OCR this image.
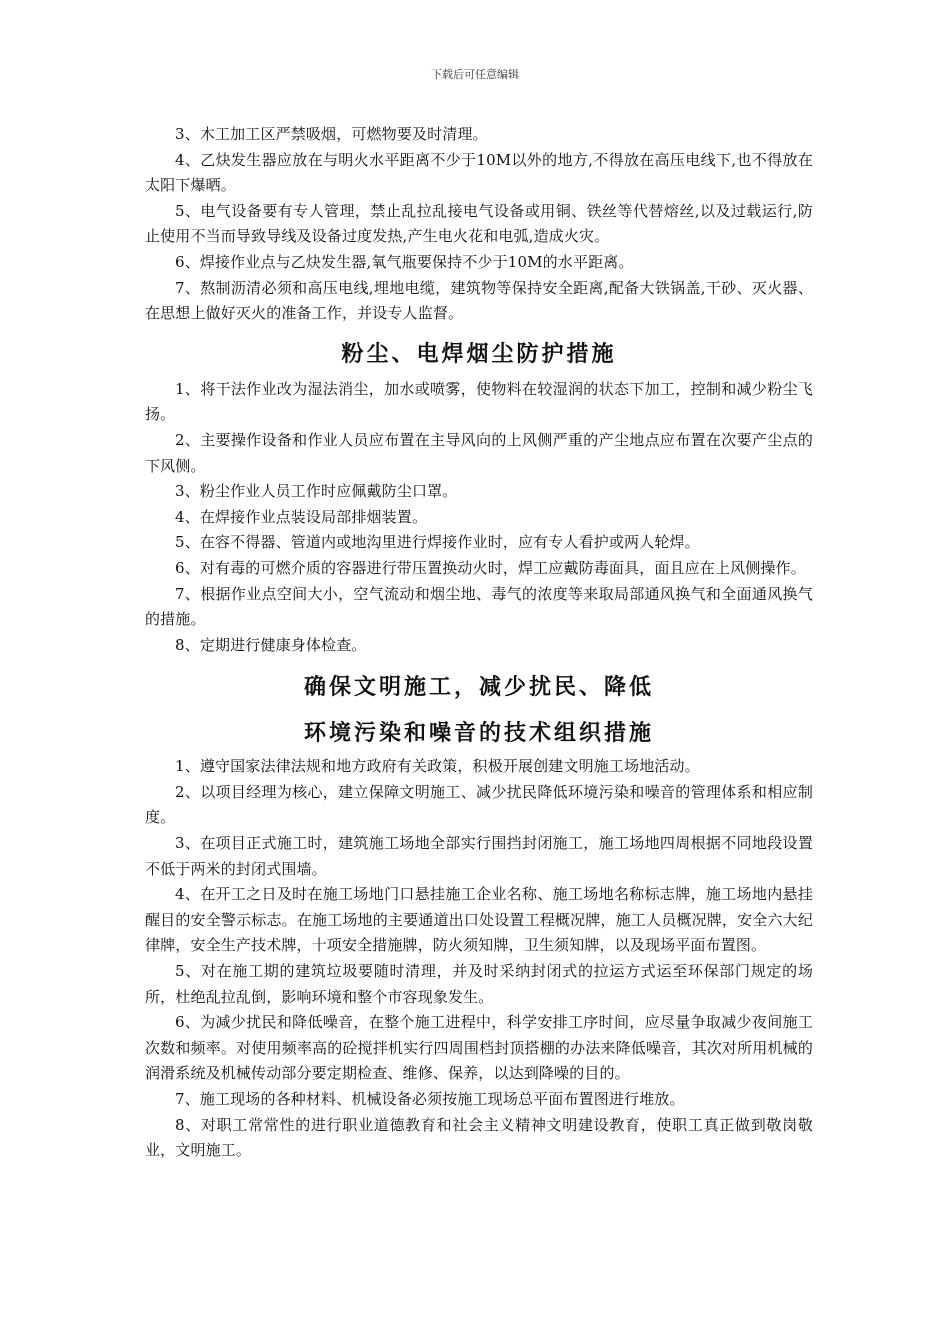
下载后可任意编辑

3、木工加工区严禁吸烟，可燃物要及时清理。

4、乙炔发生器应放在与明火水平距离不少于10M以外的地方,不得放在高压电线下,也不得放在太阳下爆晒。

5、电气设备要有专人管理，禁止乱拉乱接电气设备或用铜、铁丝等代替熔丝,以及过载运行,防止使用不当而导致导线及设备过度发热,产生电火花和电弧,造成火灾。

6、焊接作业点与乙炔发生器,氧气瓶要保持不少于10M的水平距离。

7、熬制沥清必须和高压电线,埋地电缆，建筑物等保持安全距离,配备大铁锅盖,干砂、灭火器、 在思想上做好灭火的准备工作，并设专人监督。

粉尘、电焊烟尘防护措施

1、将干法作业改为湿法消尘，加水或喷雾，使物料在较湿润的状态下加工，控制和减少粉尘飞扬。

2、主要操作设备和作业人员应布置在主导风向的上风侧严重的产尘地点应布置在次要产尘点的下风侧。

3、粉尘作业人员工作时应佩戴防尘口罩。

4、在焊接作业点装设局部排烟装置。

5、在容不得器、管道内或地沟里进行焊接作业时，应有专人看护或两人轮焊。

6、对有毒的可燃介质的容器进行带压置换动火时，焊工应戴防毒面具，面且应在上风侧操作。

7、根据作业点空间大小，空气流动和烟尘地、毒气的浓度等来取局部通风换气和全面通风换气的措施。

8、定期进行健康身体检查。

确保文明施工，减少扰民、降低
环境污染和噪音的技术组织措施

1、遵守国家法律法规和地方政府有关政策，积极开展创建文明施工场地活动。

2、以项目经理为核心，建立保障文明施工、减少扰民降低环境污染和噪音的管理体系和相应制度。

3、在项目正式施工时，建筑施工场地全部实行围挡封闭施工，施工场地四周根据不同地段设置不低于两米的封闭式围墙。

4、在开工之日及时在施工场地门口悬挂施工企业名称、施工场地名称标志牌，施工场地内悬挂醒目的安全警示标志。在施工场地的主要通道出口处设置工程概况牌，施工人员概况牌，安全六大纪律牌，安全生产技术牌，十项安全措施牌，防火须知牌，卫生须知牌，以及现场平面布置图。

5、对在施工期的建筑垃圾要随时清理，并及时采纳封闭式的拉运方式运至环保部门规定的场所，杜绝乱拉乱倒，影响环境和整个市容现象发生。

6、为减少扰民和降低噪音，在整个施工进程中，科学安排工序时间，应尽量争取减少夜间施工次数和频率。对使用频率高的砼搅拌机实行四周围档封顶搭棚的办法来降低噪音，其次对所用机械的润滑系统及机械传动部分要定期检查、维修、保养，以达到降噪的目的。

7、施工现场的各种材料、机械设备必须按施工现场总平面布置图进行堆放。

8、对职工常常性的进行职业道德教育和社会主义精神文明建设教育，使职工真正做到敬岗敬业，文明施工。
